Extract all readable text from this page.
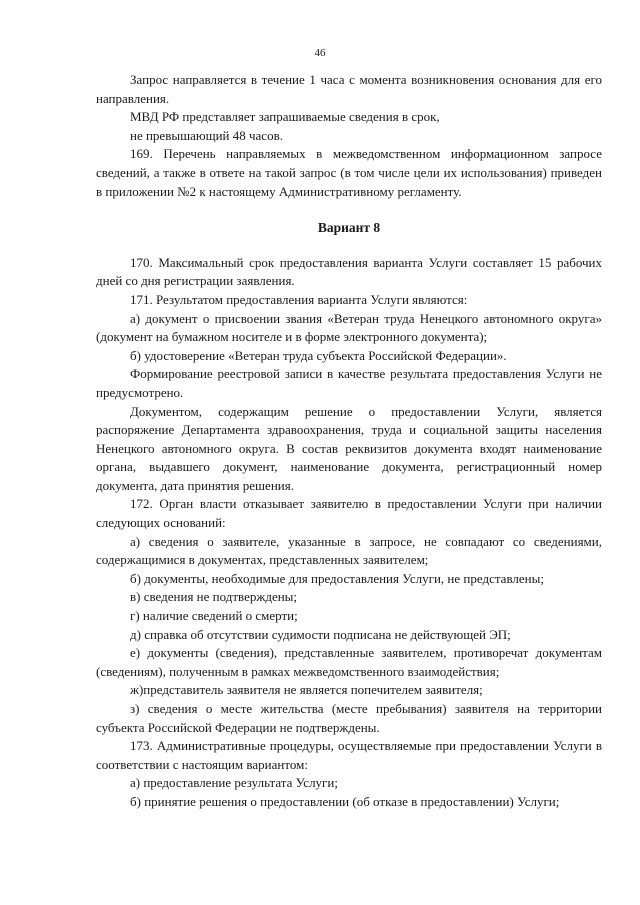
46

Запрос направляется в течение 1 часа с момента возникновения основания для его направления.

МВД РФ представляет запрашиваемые сведения в срок,

не превышающий 48 часов.

169. Перечень направляемых в межведомственном информационном запросе сведений, а также в ответе на такой запрос (в том числе цели их использования) приведен в приложении №2 к настоящему Административному регламенту.

Вариант 8

170. Максимальный срок предоставления варианта Услуги составляет 15 рабочих дней со дня регистрации заявления.

171. Результатом предоставления варианта Услуги являются:

а) документ о присвоении звания «Ветеран труда Ненецкого автономного округа» (документ на бумажном носителе и в форме электронного документа);

б) удостоверение «Ветеран труда субъекта Российской Федерации».

Формирование реестровой записи в качестве результата предоставления Услуги не предусмотрено.

Документом, содержащим решение о предоставлении Услуги, является распоряжение Департамента здравоохранения, труда и социальной защиты населения Ненецкого автономного округа. В состав реквизитов документа входят наименование органа, выдавшего документ, наименование документа, регистрационный номер документа, дата принятия решения.

172. Орган власти отказывает заявителю в предоставлении Услуги при наличии следующих оснований:

а) сведения о заявителе, указанные в запросе, не совпадают со сведениями, содержащимися в документах, представленных заявителем;

б) документы, необходимые для предоставления Услуги, не представлены;

в) сведения не подтверждены;

г) наличие сведений о смерти;

д) справка об отсутствии судимости подписана не действующей ЭП;

е) документы (сведения), представленные заявителем, противоречат документам (сведениям), полученным в рамках межведомственного взаимодействия;

ж)представитель заявителя не является попечителем заявителя;

з) сведения о месте жительства (месте пребывания) заявителя на территории субъекта Российской Федерации не подтверждены.

173. Административные процедуры, осуществляемые при предоставлении Услуги в соответствии с настоящим вариантом:

а) предоставление результата Услуги;

б) принятие решения о предоставлении (об отказе в предоставлении) Услуги;
